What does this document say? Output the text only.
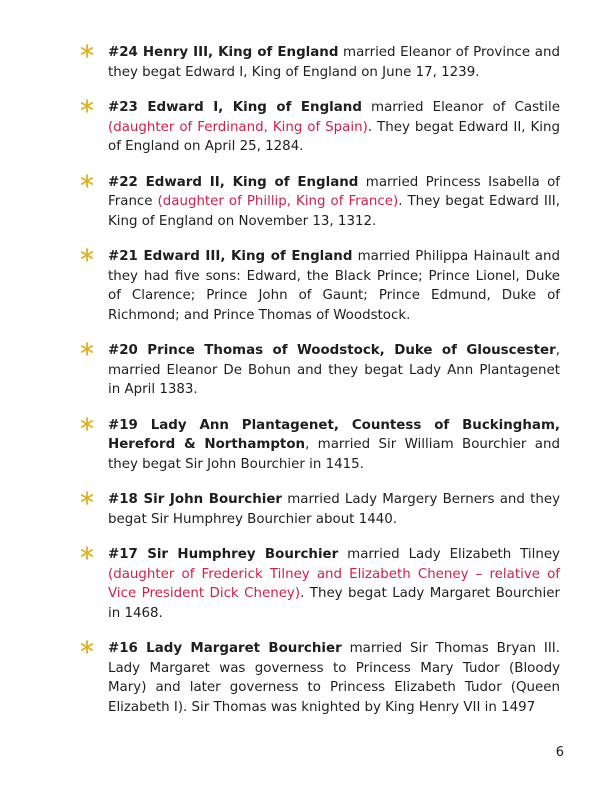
#24 Henry III, King of England married Eleanor of Province and they begat Edward I, King of England on June 17, 1239.

#23 Edward I, King of England married Eleanor of Castile (daughter of Ferdinand, King of Spain). They begat Edward II, King of England on April 25, 1284.

#22 Edward II, King of England married Princess Isabella of France (daughter of Phillip, King of France). They begat Edward III, King of England on November 13, 1312.

#21 Edward III, King of England married Philippa Hainault and they had five sons: Edward, the Black Prince; Prince Lionel, Duke of Clarence; Prince John of Gaunt; Prince Edmund, Duke of Richmond; and Prince Thomas of Woodstock.

#20 Prince Thomas of Woodstock, Duke of Glouscester, married Eleanor De Bohun and they begat Lady Ann Plantagenet in April 1383.

#19 Lady Ann Plantagenet, Countess of Buckingham, Hereford & Northampton, married Sir William Bourchier and they begat Sir John Bourchier in 1415.

#18 Sir John Bourchier married Lady Margery Berners and they begat Sir Humphrey Bourchier about 1440.

#17 Sir Humphrey Bourchier married Lady Elizabeth Tilney (daughter of Frederick Tilney and Elizabeth Cheney – relative of Vice President Dick Cheney). They begat Lady Margaret Bourchier in 1468.

#16 Lady Margaret Bourchier married Sir Thomas Bryan III. Lady Margaret was governess to Princess Mary Tudor (Bloody Mary) and later governess to Princess Elizabeth Tudor (Queen Elizabeth I). Sir Thomas was knighted by King Henry VII in 1497

6
